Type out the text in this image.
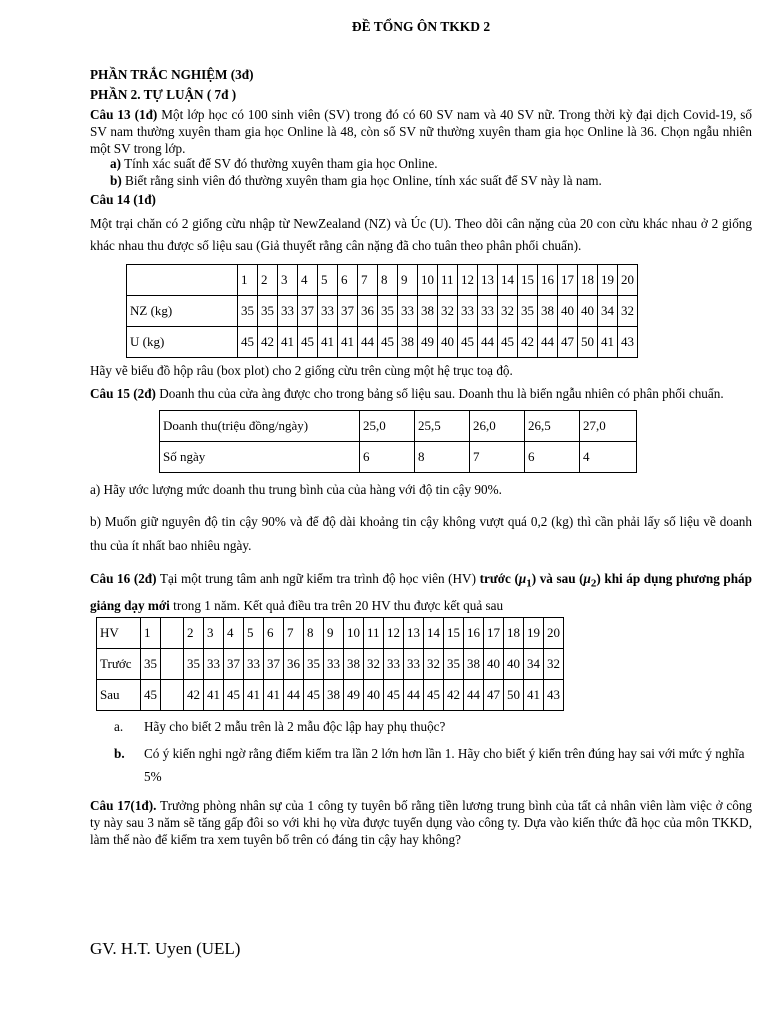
ĐỀ TỔNG ÔN TKKD 2
PHẦN TRẮC NGHIỆM (3đ)
PHẦN 2. TỰ LUẬN ( 7đ )
Câu 13 (1đ) Một lớp học có 100 sinh viên (SV) trong đó có 60 SV nam và 40 SV nữ. Trong thời kỳ đại dịch Covid-19, số SV nam thường xuyên tham gia học Online là 48, còn số SV nữ thường xuyên tham gia học Online là 36. Chọn ngẫu nhiên một SV trong lớp.
a) Tính xác suất để SV đó thường xuyên tham gia học Online.
b) Biết rằng sinh viên đó thường xuyên tham gia học Online, tính xác suất để SV này là nam.
Câu 14 (1đ)
Một trại chăn có 2 giống cừu nhập từ NewZealand (NZ) và Úc (U). Theo dõi cân nặng của 20 con cừu khác nhau ở 2 giống khác nhau thu được số liệu sau (Giả thuyết rằng cân nặng đã cho tuân theo phân phối chuẩn).
	1	2	3	4	5	6	7	8	9	10	11	12	13	14	15	16	17	18	19	20
NZ (kg)	35	35	33	37	33	37	36	35	33	38	32	33	33	32	35	38	40	40	34	32
U (kg)	45	42	41	45	41	41	44	45	38	49	40	45	44	45	42	44	47	50	41	43
Hãy vẽ biểu đồ hộp râu (box plot) cho 2 giống cừu trên cùng một hệ trục toạ độ.
Câu 15 (2đ) Doanh thu của cửa àng được cho trong bảng số liệu sau. Doanh thu là biến ngẫu nhiên có phân phối chuẩn.
Doanh thu(triệu đồng/ngày)	25,0	25,5	26,0	26,5	27,0
Số ngày	6	8	7	6	4
a) Hãy ước lượng mức doanh thu trung bình của của hàng với độ tin cậy 90%.
b) Muốn giữ nguyên độ tin cậy 90% và để độ dài khoảng tin cậy không vượt quá 0,2 (kg) thì cần phải lấy số liệu về doanh thu của ít nhất bao nhiêu ngày.
Câu 16 (2đ) Tại một trung tâm anh ngữ kiểm tra trình độ học viên (HV) trước $(\mu_1)$ và sau $(\mu_2)$ khi áp dụng phương pháp giảng dạy mới trong 1 năm. Kết quả điều tra trên 20 HV thu được kết quả sau
HV	1		2	3	4	5	6	7	8	9	10	11	12	13	14	15	16	17	18	19	20
Trước	35		35	33	37	33	37	36	35	33	38	32	33	33	32	35	38	40	40	34	32
Sau	45		42	41	45	41	41	44	45	38	49	40	45	44	45	42	44	47	50	41	43
a.	Hãy cho biết 2 mẫu trên là 2 mẫu độc lập hay phụ thuộc?
b.	Có ý kiến nghi ngờ rằng điểm kiểm tra lần 2 lớn hơn lần 1. Hãy cho biết ý kiến trên đúng hay sai với mức ý nghĩa 5%
Câu 17(1đ). Trưởng phòng nhân sự của 1 công ty tuyên bố rằng tiền lương trung bình của tất cả nhân viên làm việc ở công ty này sau 3 năm sẽ tăng gấp đôi so với khi họ vừa được tuyển dụng vào công ty. Dựa vào kiến thức đã học của môn TKKD, làm thế nào để kiểm tra xem tuyên bố trên có đáng tin cậy hay không?
GV. H.T. Uyen (UEL)
